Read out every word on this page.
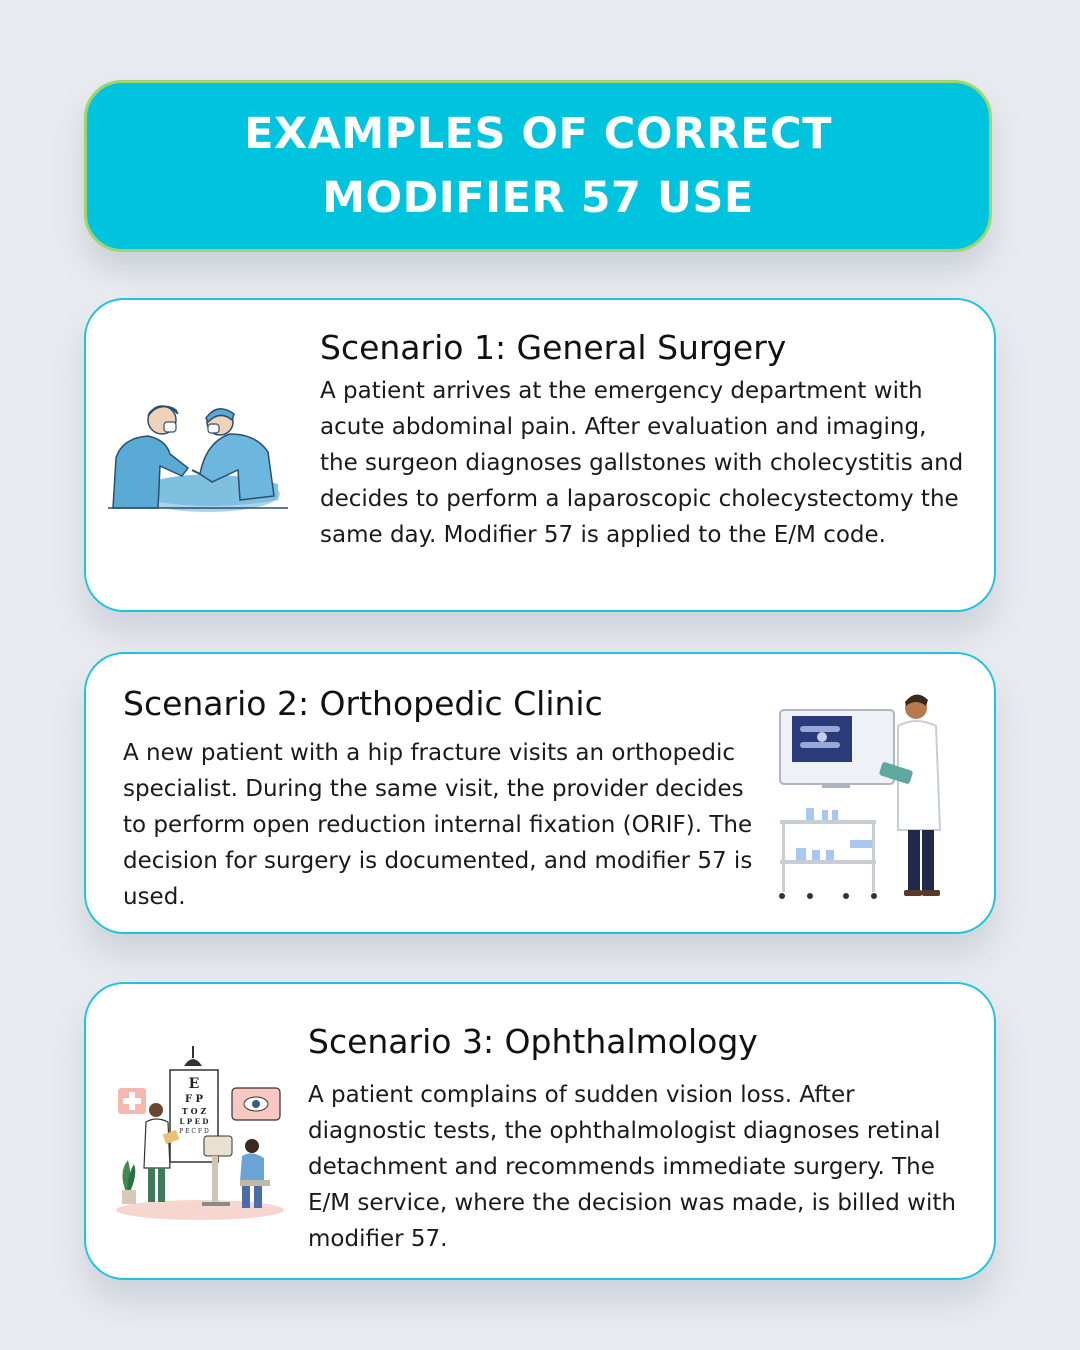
EXAMPLES OF CORRECT
MODIFIER 57 USE
Scenario 1: General Surgery
A patient arrives at the emergency department with acute abdominal pain. After evaluation and imaging, the surgeon diagnoses gallstones with cholecystitis and decides to perform a laparoscopic cholecystectomy the same day. Modifier 57 is applied to the E/M code.
Scenario 2: Orthopedic Clinic
A new patient with a hip fracture visits an orthopedic specialist. During the same visit, the provider decides to perform open reduction internal fixation (ORIF). The decision for surgery is documented, and modifier 57 is used.
E
F P
T O Z
L P E D
P E C F D
Scenario 3: Ophthalmology
A patient complains of sudden vision loss. After diagnostic tests, the ophthalmologist diagnoses retinal detachment and recommends immediate surgery. The E/M service, where the decision was made, is billed with modifier 57.
